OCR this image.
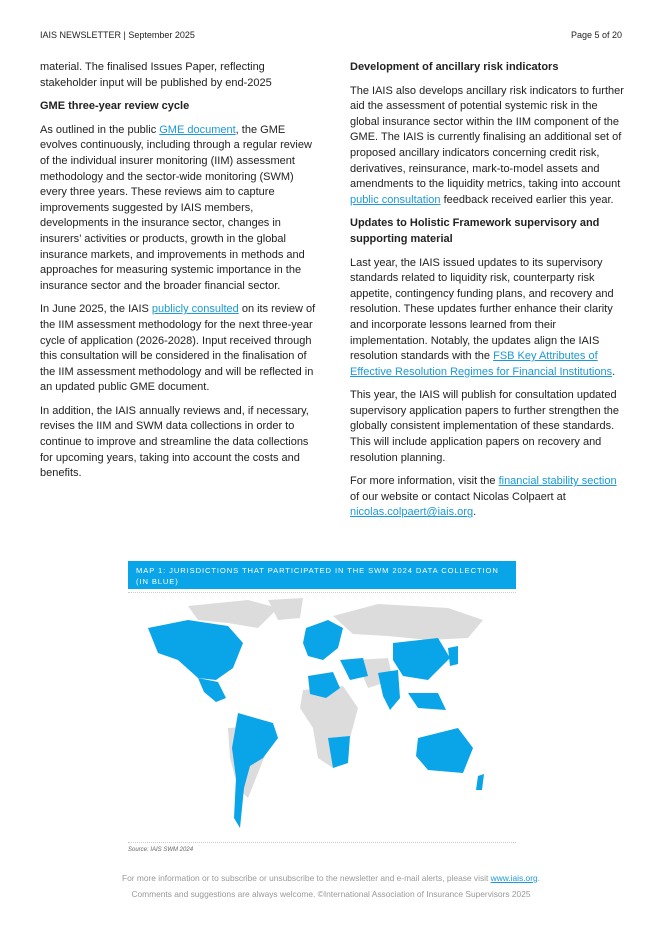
IAIS NEWSLETTER | September 2025	Page 5 of 20

material. The finalised Issues Paper, reflecting stakeholder input will be published by end-2025

GME three-year review cycle

As outlined in the public GME document, the GME evolves continuously, including through a regular review of the individual insurer monitoring (IIM) assessment methodology and the sector-wide monitoring (SWM) every three years. These reviews aim to capture improvements suggested by IAIS members, developments in the insurance sector, changes in insurers’ activities or products, growth in the global insurance markets, and improvements in methods and approaches for measuring systemic importance in the insurance sector and the broader financial sector.

In June 2025, the IAIS publicly consulted on its review of the IIM assessment methodology for the next three-year cycle of application (2026-2028). Input received through this consultation will be considered in the finalisation of the IIM assessment methodology and will be reflected in an updated public GME document.

In addition, the IAIS annually reviews and, if necessary, revises the IIM and SWM data collections in order to continue to improve and streamline the data collections for upcoming years, taking into account the costs and benefits.

Development of ancillary risk indicators

The IAIS also develops ancillary risk indicators to further aid the assessment of potential systemic risk in the global insurance sector within the IIM component of the GME. The IAIS is currently finalising an additional set of proposed ancillary indicators concerning credit risk, derivatives, reinsurance, mark-to-model assets and amendments to the liquidity metrics, taking into account public consultation feedback received earlier this year.

Updates to Holistic Framework supervisory and supporting material

Last year, the IAIS issued updates to its supervisory standards related to liquidity risk, counterparty risk appetite, contingency funding plans, and recovery and resolution. These updates further enhance their clarity and incorporate lessons learned from their implementation. Notably, the updates align the IAIS resolution standards with the FSB Key Attributes of Effective Resolution Regimes for Financial Institutions.

This year, the IAIS will publish for consultation updated supervisory application papers to further strengthen the globally consistent implementation of these standards. This will include application papers on recovery and resolution planning.

For more information, visit the financial stability section of our website or contact Nicolas Colpaert at nicolas.colpaert@iais.org.

MAP 1: JURISDICTIONS THAT PARTICIPATED IN THE SWM 2024 DATA COLLECTION (IN BLUE)
Source: IAIS SWM 2024
For more information or to subscribe or unsubscribe to the newsletter and e-mail alerts, please visit www.iais.org.
Comments and suggestions are always welcome. ©International Association of Insurance Supervisors 2025
